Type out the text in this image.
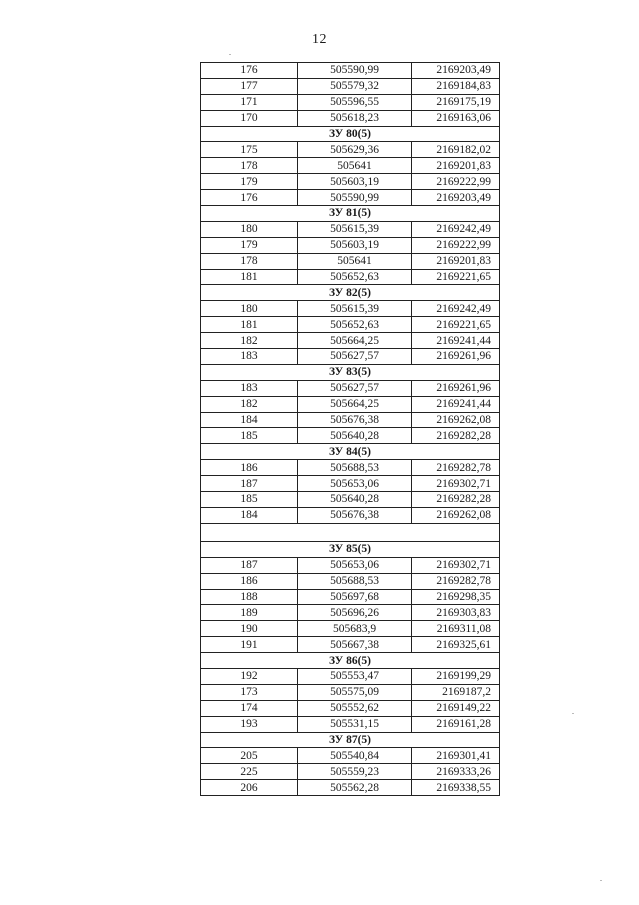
12
176	505590,99	2169203,49
177	505579,32	2169184,83
171	505596,55	2169175,19
170	505618,23	2169163,06
ЗУ 80(5)		
175	505629,36	2169182,02
178	505641	2169201,83
179	505603,19	2169222,99
176	505590,99	2169203,49
ЗУ 81(5)		
180	505615,39	2169242,49
179	505603,19	2169222,99
178	505641	2169201,83
181	505652,63	2169221,65
ЗУ 82(5)		
180	505615,39	2169242,49
181	505652,63	2169221,65
182	505664,25	2169241,44
183	505627,57	2169261,96
ЗУ 83(5)		
183	505627,57	2169261,96
182	505664,25	2169241,44
184	505676,38	2169262,08
185	505640,28	2169282,28
ЗУ 84(5)		
186	505688,53	2169282,78
187	505653,06	2169302,71
185	505640,28	2169282,28
184	505676,38	2169262,08

ЗУ 85(5)		
187	505653,06	2169302,71
186	505688,53	2169282,78
188	505697,68	2169298,35
189	505696,26	2169303,83
190	505683,9	2169311,08
191	505667,38	2169325,61
ЗУ 86(5)		
192	505553,47	2169199,29
173	505575,09	2169187,2
174	505552,62	2169149,22
193	505531,15	2169161,28
ЗУ 87(5)		
205	505540,84	2169301,41
225	505559,23	2169333,26
206	505562,28	2169338,55
